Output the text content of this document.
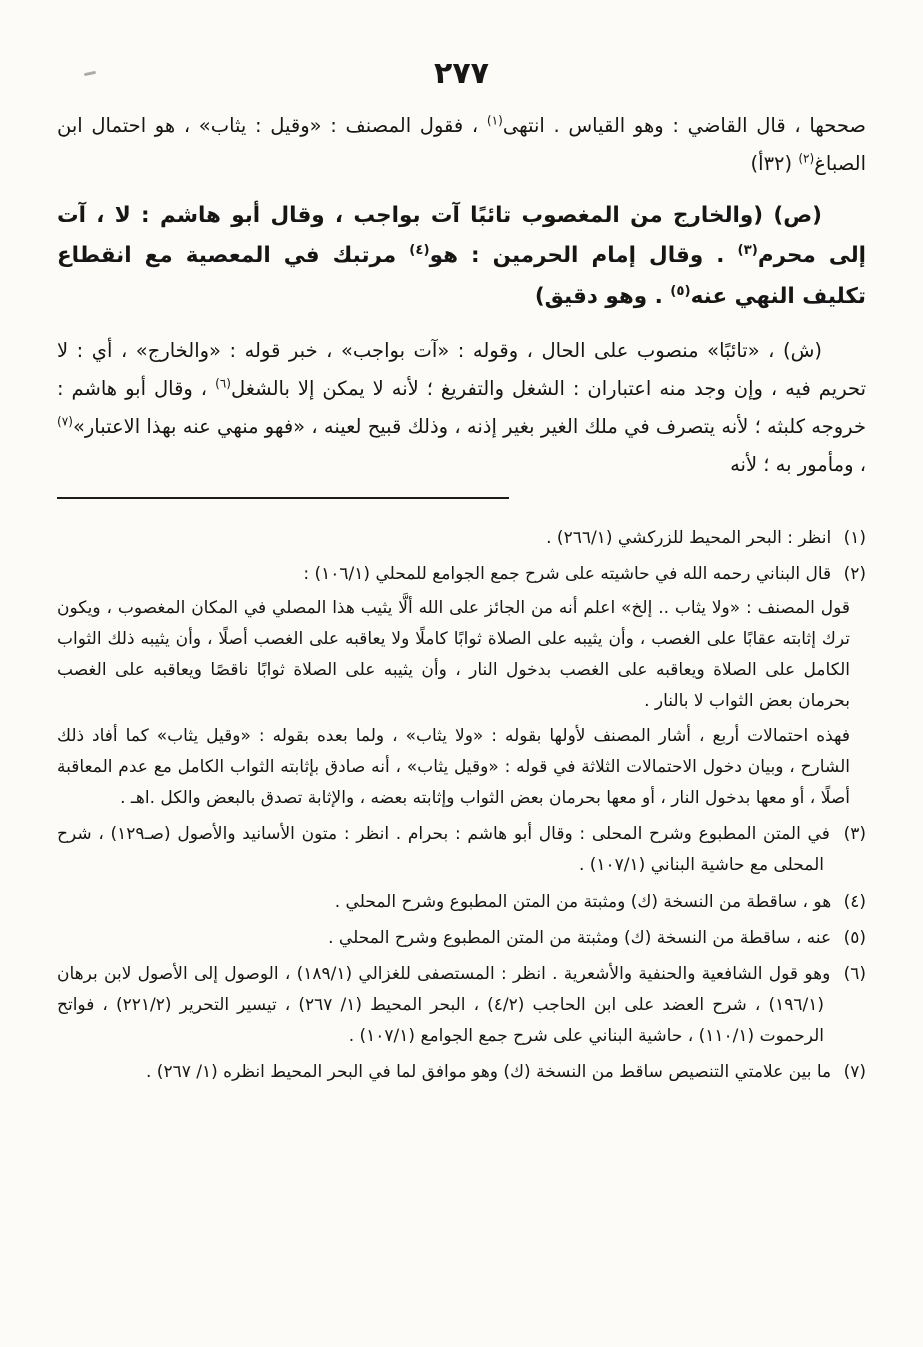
٢٧٧

صححها ، قال القاضي : وهو القياس . انتهى$^{(١)}$ ، فقول المصنف : «وقيل : يثاب» ، هو احتمال ابن الصباغ$^{(٢)}$ (٣٢أ)

(ص) (والخارج من المغصوب تائبًا آت بواجب ، وقال أبو هاشم : لا ، آت إلى محرم$^{(٣)}$ . وقال إمام الحرمين : هو$^{(٤)}$ مرتبك في المعصية مع انقطاع تكليف النهي عنه$^{(٥)}$ . وهو دقيق)

(ش) ، «تائبًا» منصوب على الحال ، وقوله : «آت بواجب» ، خبر قوله : «والخارج» ، أي : لا تحريم فيه ، وإن وجد منه اعتباران : الشغل والتفريغ ؛ لأنه لا يمكن إلا بالشغل$^{(٦)}$ ، وقال أبو هاشم : خروجه كلبثه ؛ لأنه يتصرف في ملك الغير بغير إذنه ، وذلك قبيح لعينه ، «فهو منهي عنه بهذا الاعتبار»$^{(٧)}$ ، ومأمور به ؛ لأنه

(١) انظر : البحر المحيط للزركشي (٢٦٦/١) .

(٢) قال البناني رحمه الله في حاشيته على شرح جمع الجوامع للمحلي (١٠٦/١) :

قول المصنف : «ولا يثاب .. إلخ» اعلم أنه من الجائز على الله ألَّا يثيب هذا المصلي في المكان المغصوب ، ويكون ترك إثابته عقابًا على الغصب ، وأن يثيبه على الصلاة ثوابًا كاملًا ولا يعاقبه على الغصب أصلًا ، وأن يثيبه ذلك الثواب الكامل على الصلاة ويعاقبه على الغصب بدخول النار ، وأن يثيبه على الصلاة ثوابًا ناقصًا ويعاقبه على الغصب بحرمان بعض الثواب لا بالنار .

فهذه احتمالات أربع ، أشار المصنف لأولها بقوله : «ولا يثاب» ، ولما بعده بقوله : «وقيل يثاب» كما أفاد ذلك الشارح ، وبيان دخول الاحتمالات الثلاثة في قوله : «وقيل يثاب» ، أنه صادق بإثابته الثواب الكامل مع عدم المعاقبة أصلًا ، أو معها بدخول النار ، أو معها بحرمان بعض الثواب وإثابته بعضه ، والإثابة تصدق بالبعض والكل .اهـ .

(٣) في المتن المطبوع وشرح المحلى : وقال أبو هاشم : بحرام . انظر : متون الأسانيد والأصول (صـ١٢٩) ، شرح المحلى مع حاشية البناني (١٠٧/١) .

(٤) هو ، ساقطة من النسخة (ك) ومثبتة من المتن المطبوع وشرح المحلي .

(٥) عنه ، ساقطة من النسخة (ك) ومثبتة من المتن المطبوع وشرح المحلي .

(٦) وهو قول الشافعية والحنفية والأشعرية . انظر : المستصفى للغزالي (١٨٩/١) ، الوصول إلى الأصول لابن برهان (١٩٦/١) ، شرح العضد على ابن الحاجب (٤/٢) ، البحر المحيط (١/ ٢٦٧) ، تيسير التحرير (٢٢١/٢) ، فواتح الرحموت (١١٠/١) ، حاشية البناني على شرح جمع الجوامع (١٠٧/١) .

(٧) ما بين علامتي التنصيص ساقط من النسخة (ك) وهو موافق لما في البحر المحيط انظره (١/ ٢٦٧) .
